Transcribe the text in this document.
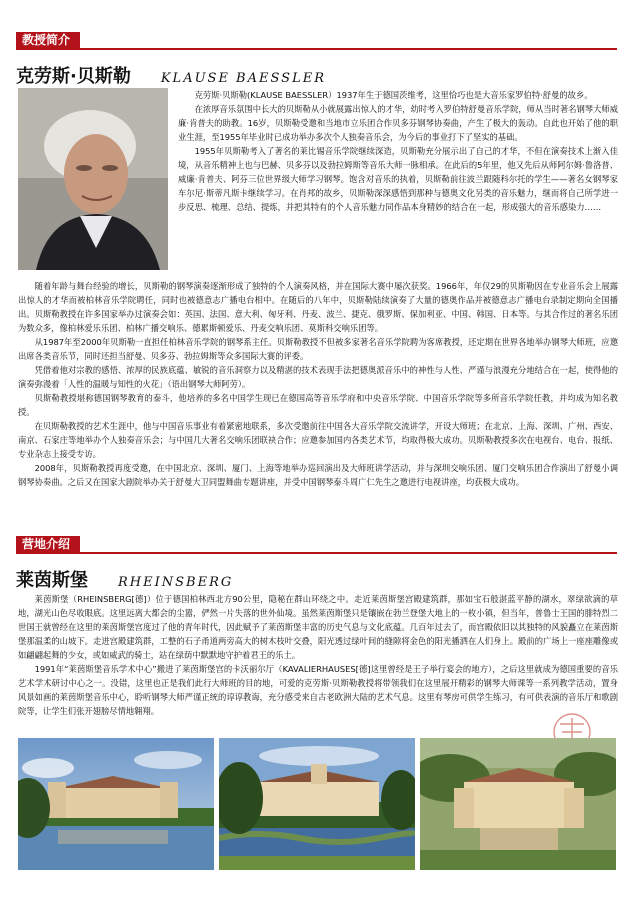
教授简介
克劳斯·贝斯勒 KLAUSE BAESSLER

克劳斯·贝斯勒(KLAUSE BAESSLER）1937年生于德国茨维考，这里恰巧也是大音乐家罗伯特·舒曼的故乡。

在浓厚音乐氛围中长大的贝斯勒从小就展露出惊人的才华，幼时考入罗伯特舒曼音乐学院，师从当时著名钢琴大师威廉·肯普夫的助教。16岁，贝斯勒受邀和当地市立乐团合作贝多芬钢琴协奏曲，产生了极大的轰动。自此也开始了他的职业生涯，至1955年毕业时已成功举办多次个人独奏音乐会，为今后的事业打下了坚实的基础。

1955年贝斯勒考入了著名的莱比锡音乐学院继续深造，贝斯勒充分展示出了自己的才华，不但在演奏技术上渐入佳境，从音乐精神上也与巴赫、贝多芬以及勃拉姆斯等音乐大师一脉相承。在此后的5年里，他又先后从师阿尔姆·鲁洛普、威廉·肯普夫、阿芬三位世界级大师学习钢琴。饱含对音乐的执着，贝斯勒前往波兰跟随科尔托的学生——著名女钢琴家车尔尼·斯蒂凡斯卡继续学习。在肖邦的故乡，贝斯勒深深感悟到那种与德奥文化另类的音乐魅力，继而将自己所学进一步反思、梳理、总结、提炼，并把其特有的个人音乐魅力同作品本身精妙的结合在一起，形成强大的音乐感染力……

随着年龄与舞台经验的增长，贝斯勒的钢琴演奏逐渐形成了独特的个人演奏风格，并在国际大赛中屡次获奖。1966年，年仅29的贝斯勒因在专业音乐会上展露出惊人的才华而被柏林音乐学院聘任，同时也被德意志广播电台相中。在随后的八年中，贝斯勒陆续演奏了大量的德奥作品并被德意志广播电台录制定期向全国播出。贝斯勒教授在许多国家举办过演奏会如：英国、法国、意大利、匈牙利、丹麦、波兰、捷克、俄罗斯、保加利亚、中国、韩国、日本等。与其合作过的著名乐团为数众多，像柏林爱乐乐团、柏林广播交响乐、德累斯顿爱乐、丹麦交响乐团、莫斯科交响乐团等。

从1987年至2000年贝斯勒一直担任柏林音乐学院的钢琴系主任。贝斯勒教授不但被多家著名音乐学院聘为客席教授，还定期在世界各地举办钢琴大师班，应邀出席各类音乐节，同时还担当舒曼、贝多芬、勃拉姆斯等众多国际大赛的评委。

凭借着他对宗教的感悟、浓厚的民族底蕴、敏锐的音乐洞察力以及精湛的技术表现手法把德奥派音乐中的神性与人性、严谨与浪漫充分地结合在一起，使得他的演奏弥漫着「人性的温暖与知性的火花」（语出钢琴大师阿劳）。

贝斯勒教授堪称德国钢琴教育的泰斗，他培养的多名中国学生现已在德国高等音乐学府和中央音乐学院、中国音乐学院等多所音乐学院任教，并均成为知名教授。

在贝斯勒教授的艺术生涯中，他与中国音乐事业有着紧密地联系，多次受邀前往中国各大音乐学院交流讲学，开设大师班；在北京、上海、深圳、广州、西安、南京、石家庄等地举办个人独奏音乐会；与中国几大著名交响乐团联袂合作；应邀参加国内各类艺术节，均取得极大成功。贝斯勒教授多次在电视台、电台、报纸、专业杂志上接受专访。

2008年，贝斯勒教授再度受邀，在中国北京、深圳、厦门、上海等地举办巡回演出及大师班讲学活动，并与深圳交响乐团、厦门交响乐团合作演出了舒曼小调钢琴协奏曲。之后又在国家大剧院举办关于舒曼大卫同盟舞曲专题讲座，并受中国钢琴泰斗周广仁先生之邀进行电视讲座，均获极大成功。

营地介绍
莱茵斯堡 RHEINSBERG

莱茵斯堡（RHEINSBERG[德]）位于德国柏林西北方90公里，隐秘在群山环绕之中。走近莱茵斯堡宫殿建筑群，那如宝石般湛蓝平静的湖水，翠绿欲滴的草地，湖光山色尽收眼底。这里远离大都会的尘嚣，俨然一片失落的世外仙境。虽然莱茵斯堡只是镶嵌在勃兰登堡大地上的一枚小镇，但当年，普鲁士王国的腓特烈二世国王就曾经在这里的莱茵斯堡宫度过了他的青年时代，因此赋予了莱茵斯堡丰富的历史气息与文化底蕴。几百年过去了，而宫殿依旧以其独特的风貌矗立在莱茵斯堡那温柔的山坡下。走进宫殿建筑群，工整的石子甬道两旁高大的树木枝叶交叠，阳光透过绿叶间的缝隙将金色的阳光播洒在人们身上。殿前的广场上一座座雕像或如翩翩起舞的少女，或如威武的骑士，站在绿荫中默默地守护着君王的乐土。

1991年“莱茵斯堡音乐学术中心”搬进了莱茵斯堡宫的卡沃丽尔厅（KAVALIERHAUSES[德]这里曾经是王子举行宴会的地方），之后这里就成为德国重要的音乐艺术学术研讨中心之一。没错，这里也正是我们此行大师班的目的地，可爱的克劳斯·贝斯勒教授将带领我们在这里展开精彩的钢琴大师课等一系列教学活动，置身风景如画的莱茵斯堡音乐中心，聆听钢琴大师严谨正统的谆谆教诲，充分感受来自古老欧洲大陆的艺术气息。这里有琴房可供学生练习，有可供表演的音乐厅和歌剧院等，让学生们张开翅膀尽情地翱翔。
